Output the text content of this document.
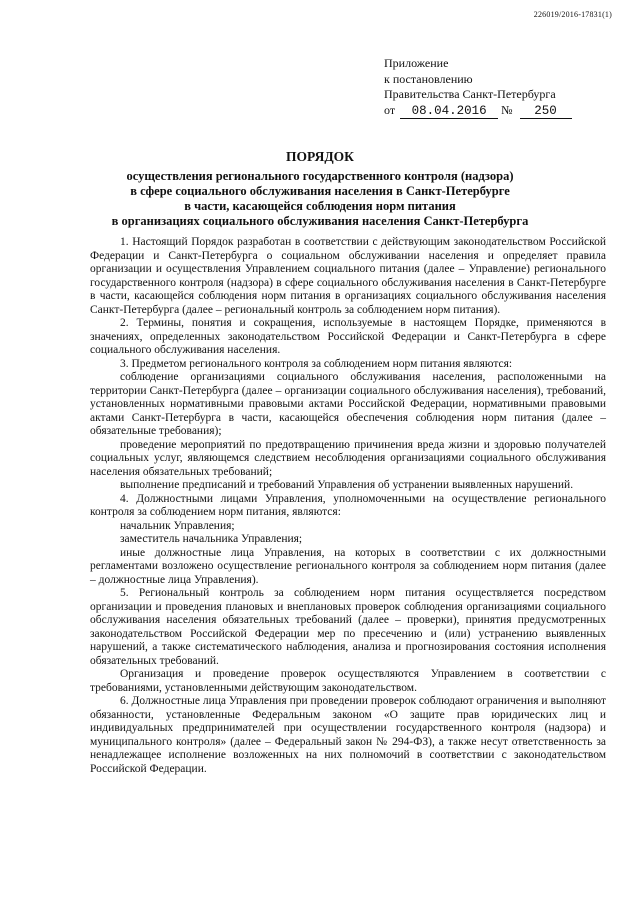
226019/2016-17831(1)
Приложение
к постановлению
Правительства Санкт-Петербурга
от 08.04.2016 № 250
ПОРЯДОК
осуществления регионального государственного контроля (надзора)
в сфере социального обслуживания населения в Санкт-Петербурге
в части, касающейся соблюдения норм питания
в организациях социального обслуживания населения Санкт-Петербурга

1. Настоящий Порядок разработан в соответствии с действующим законодательством Российской Федерации и Санкт-Петербурга о социальном обслуживании населения и определяет правила организации и осуществления Управлением социального питания (далее – Управление) регионального государственного контроля (надзора) в сфере социального обслуживания населения в Санкт-Петербурге в части, касающейся соблюдения норм питания в организациях социального обслуживания населения Санкт-Петербурга (далее – региональный контроль за соблюдением норм питания).

2. Термины, понятия и сокращения, используемые в настоящем Порядке, применяются в значениях, определенных законодательством Российской Федерации и Санкт-Петербурга в сфере социального обслуживания населения.

3. Предметом регионального контроля за соблюдением норм питания являются:

соблюдение организациями социального обслуживания населения, расположенными на территории Санкт-Петербурга (далее – организации социального обслуживания населения), требований, установленных нормативными правовыми актами Российской Федерации, нормативными правовыми актами Санкт-Петербурга в части, касающейся обеспечения соблюдения норм питания (далее – обязательные требования);

проведение мероприятий по предотвращению причинения вреда жизни и здоровью получателей социальных услуг, являющемся следствием несоблюдения организациями социального обслуживания населения обязательных требований;

выполнение предписаний и требований Управления об устранении выявленных нарушений.

4. Должностными лицами Управления, уполномоченными на осуществление регионального контроля за соблюдением норм питания, являются:

начальник Управления;

заместитель начальника Управления;

иные должностные лица Управления, на которых в соответствии с их должностными регламентами возложено осуществление регионального контроля за соблюдением норм питания (далее – должностные лица Управления).

5. Региональный контроль за соблюдением норм питания осуществляется посредством организации и проведения плановых и внеплановых проверок соблюдения организациями социального обслуживания населения обязательных требований (далее – проверки), принятия предусмотренных законодательством Российской Федерации мер по пресечению и (или) устранению выявленных нарушений, а также систематического наблюдения, анализа и прогнозирования состояния исполнения обязательных требований.

Организация и проведение проверок осуществляются Управлением в соответствии с требованиями, установленными действующим законодательством.

6. Должностные лица Управления при проведении проверок соблюдают ограничения и выполняют обязанности, установленные Федеральным законом «О защите прав юридических лиц и индивидуальных предпринимателей при осуществлении государственного контроля (надзора) и муниципального контроля» (далее – Федеральный закон № 294-ФЗ), а также несут ответственность за ненадлежащее исполнение возложенных на них полномочий в соответствии с законодательством Российской Федерации.
